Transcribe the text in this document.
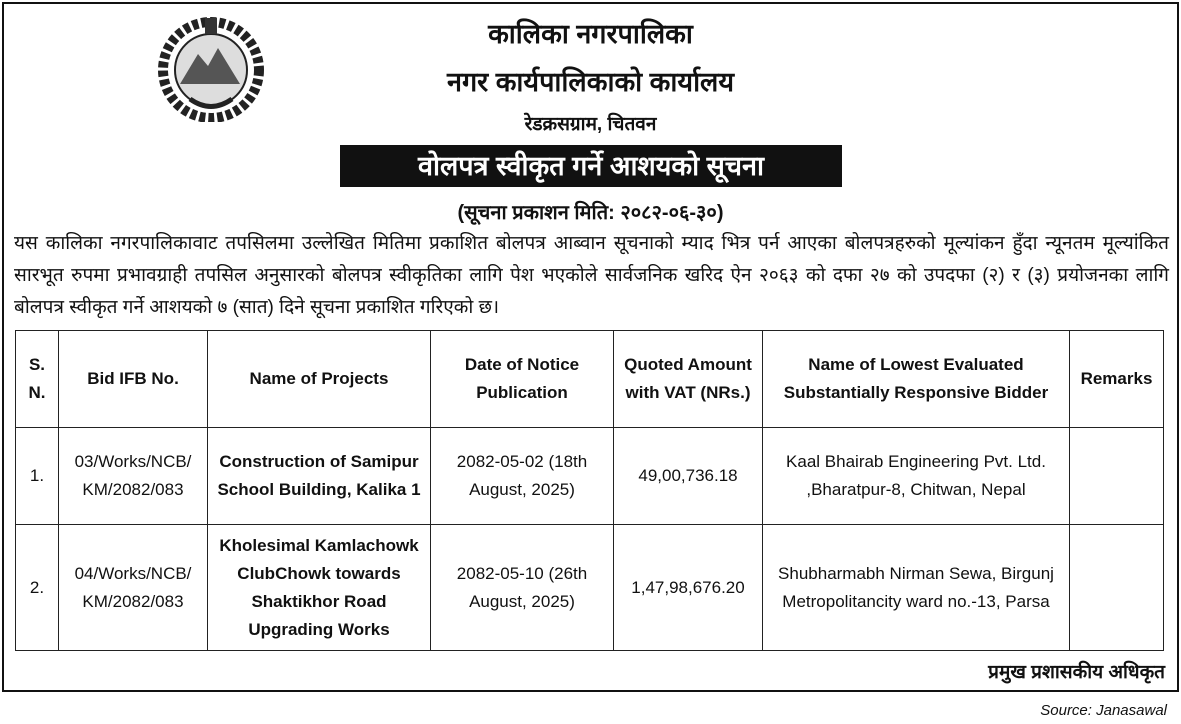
कालिका नगरपालिका
नगर कार्यपालिकाको कार्यालय
रेडक्रसग्राम, चितवन
वोलपत्र स्वीकृत गर्ने आशयको सूचना
(सूचना प्रकाशन मिति: २०८२-०६-३०)
यस कालिका नगरपालिकावाट तपसिलमा उल्लेखित मितिमा प्रकाशित बोलपत्र आब्वान सूचनाको म्याद भित्र पर्न आएका बोलपत्रहरुको मूल्यांकन हुँदा न्यूनतम मूल्यांकित सारभूत रुपमा प्रभावग्राही तपसिल अनुसारको बोलपत्र स्वीकृतिका लागि पेश भएकोले सार्वजनिक खरिद ऐन २०६३ को दफा २७ को उपदफा (२) र (३) प्रयोजनका लागि बोलपत्र स्वीकृत गर्ने आशयको ७ (सात) दिने सूचना प्रकाशित गरिएको छ।
S. N.	Bid IFB No.	Name of Projects	Date of Notice Publication	Quoted Amount with VAT (NRs.)	Name of Lowest Evaluated Substantially Responsive Bidder	Remarks
1.	03/Works/NCB/ KM/2082/083	Construction of Samipur School Building, Kalika 1	2082-05-02 (18th August, 2025)	49,00,736.18	Kaal Bhairab Engineering Pvt. Ltd. ,Bharatpur-8, Chitwan, Nepal	
2.	04/Works/NCB/ KM/2082/083	Kholesimal Kamlachowk ClubChowk towards Shaktikhor Road Upgrading Works	2082-05-10 (26th August, 2025)	1,47,98,676.20	Shubharmabh Nirman Sewa, Birgunj Metropolitancity ward no.-13, Parsa	
प्रमुख प्रशासकीय अधिकृत
Source: Janasawal
